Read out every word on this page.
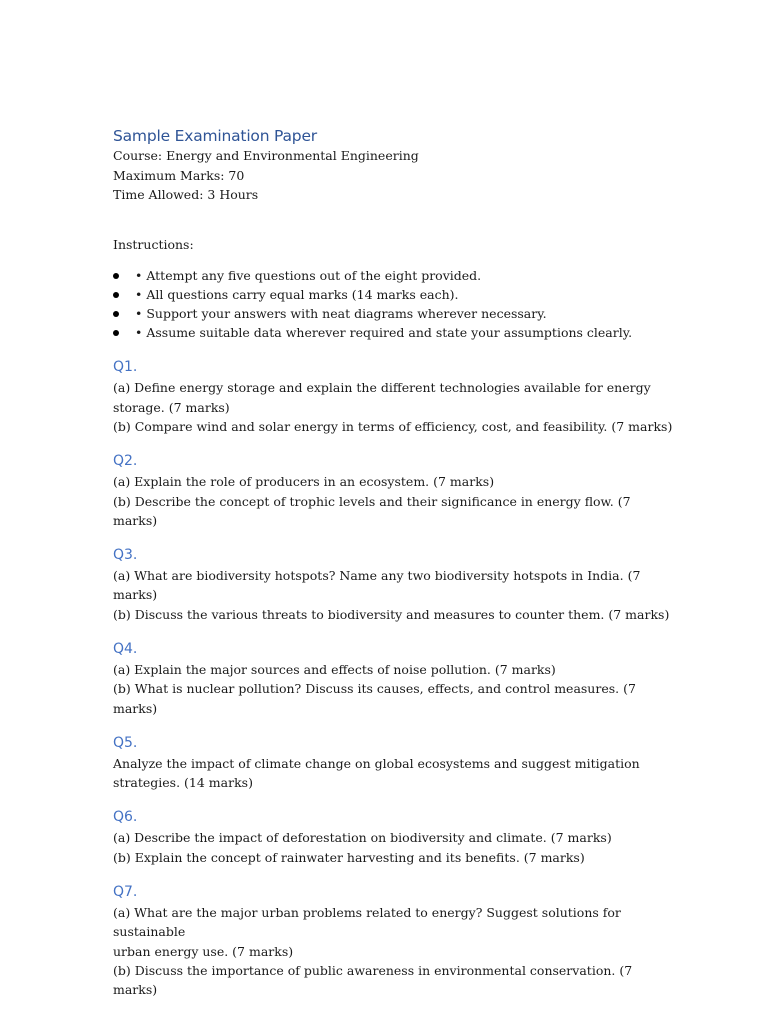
Sample Examination Paper

Course: Energy and Environmental Engineering

Maximum Marks: 70

Time Allowed: 3 Hours

Instructions:

• Attempt any five questions out of the eight provided.
• All questions carry equal marks (14 marks each).
• Support your answers with neat diagrams wherever necessary.
• Assume suitable data wherever required and state your assumptions clearly.
Q1.

(a) Define energy storage and explain the different technologies available for energy

storage. (7 marks)

(b) Compare wind and solar energy in terms of efficiency, cost, and feasibility. (7 marks)

Q2.

(a) Explain the role of producers in an ecosystem. (7 marks)

(b) Describe the concept of trophic levels and their significance in energy flow. (7 marks)

Q3.

(a) What are biodiversity hotspots? Name any two biodiversity hotspots in India. (7 marks)

(b) Discuss the various threats to biodiversity and measures to counter them. (7 marks)

Q4.

(a) Explain the major sources and effects of noise pollution. (7 marks)

(b) What is nuclear pollution? Discuss its causes, effects, and control measures. (7 marks)

Q5.

Analyze the impact of climate change on global ecosystems and suggest mitigation

strategies. (14 marks)

Q6.

(a) Describe the impact of deforestation on biodiversity and climate. (7 marks)

(b) Explain the concept of rainwater harvesting and its benefits. (7 marks)

Q7.

(a) What are the major urban problems related to energy? Suggest solutions for sustainable

urban energy use. (7 marks)

(b) Discuss the importance of public awareness in environmental conservation. (7 marks)
